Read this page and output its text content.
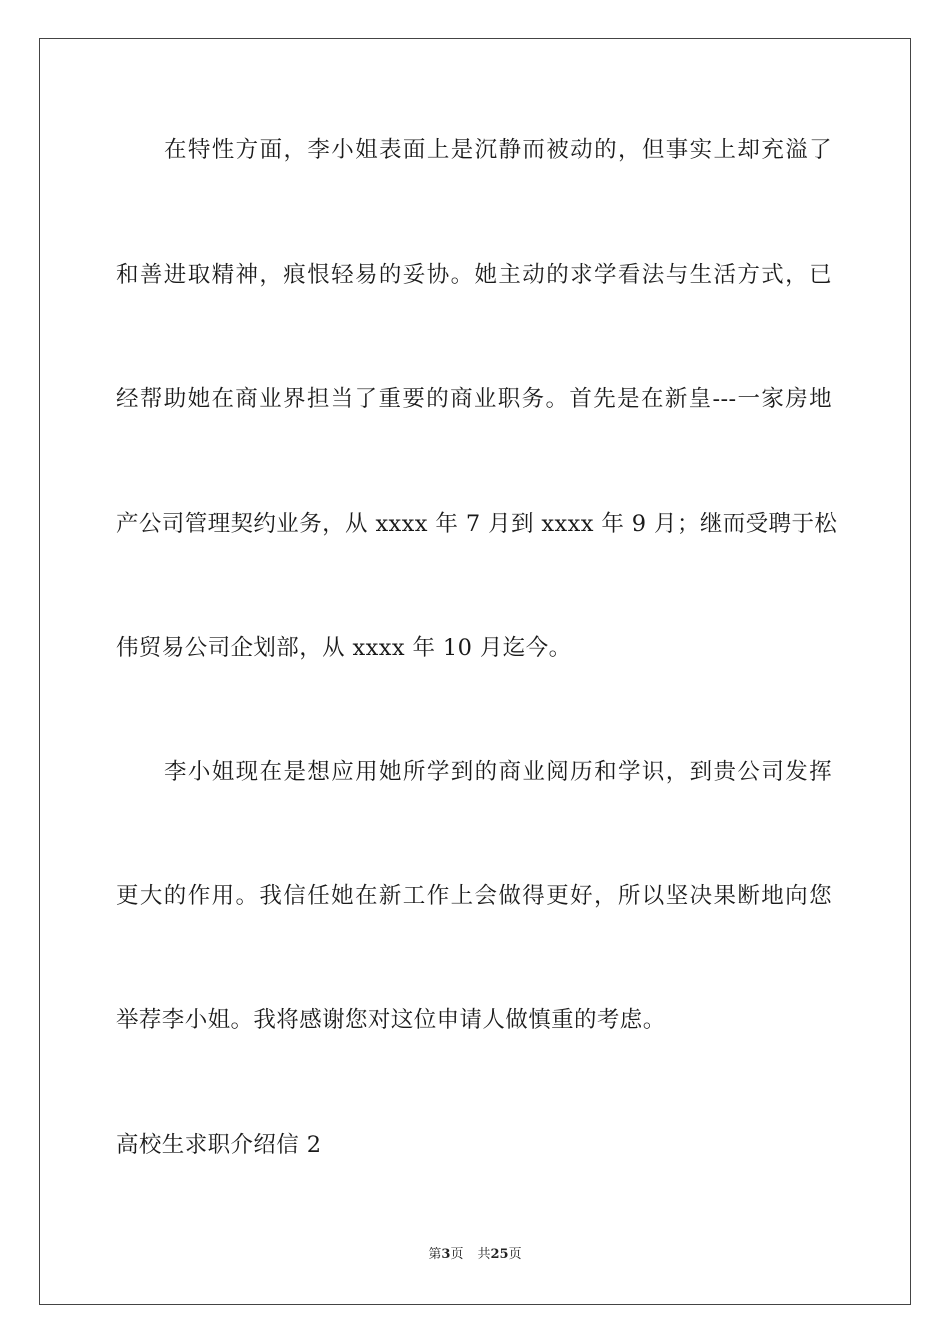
在特性方面，李小姐表面上是沉静而被动的，但事实上却充溢了
和善进取精神，痕恨轻易的妥协。她主动的求学看法与生活方式，已
经帮助她在商业界担当了重要的商业职务。首先是在新皇---一家房地
产公司管理契约业务，从 xxxx 年 7 月到 xxxx 年 9 月；继而受聘于松
伟贸易公司企划部，从 xxxx 年 10 月迄今。
李小姐现在是想应用她所学到的商业阅历和学识，到贵公司发挥
更大的作用。我信任她在新工作上会做得更好，所以坚决果断地向您
举荐李小姐。我将感谢您对这位申请人做慎重的考虑。
高校生求职介绍信 2
第3页 共25页
